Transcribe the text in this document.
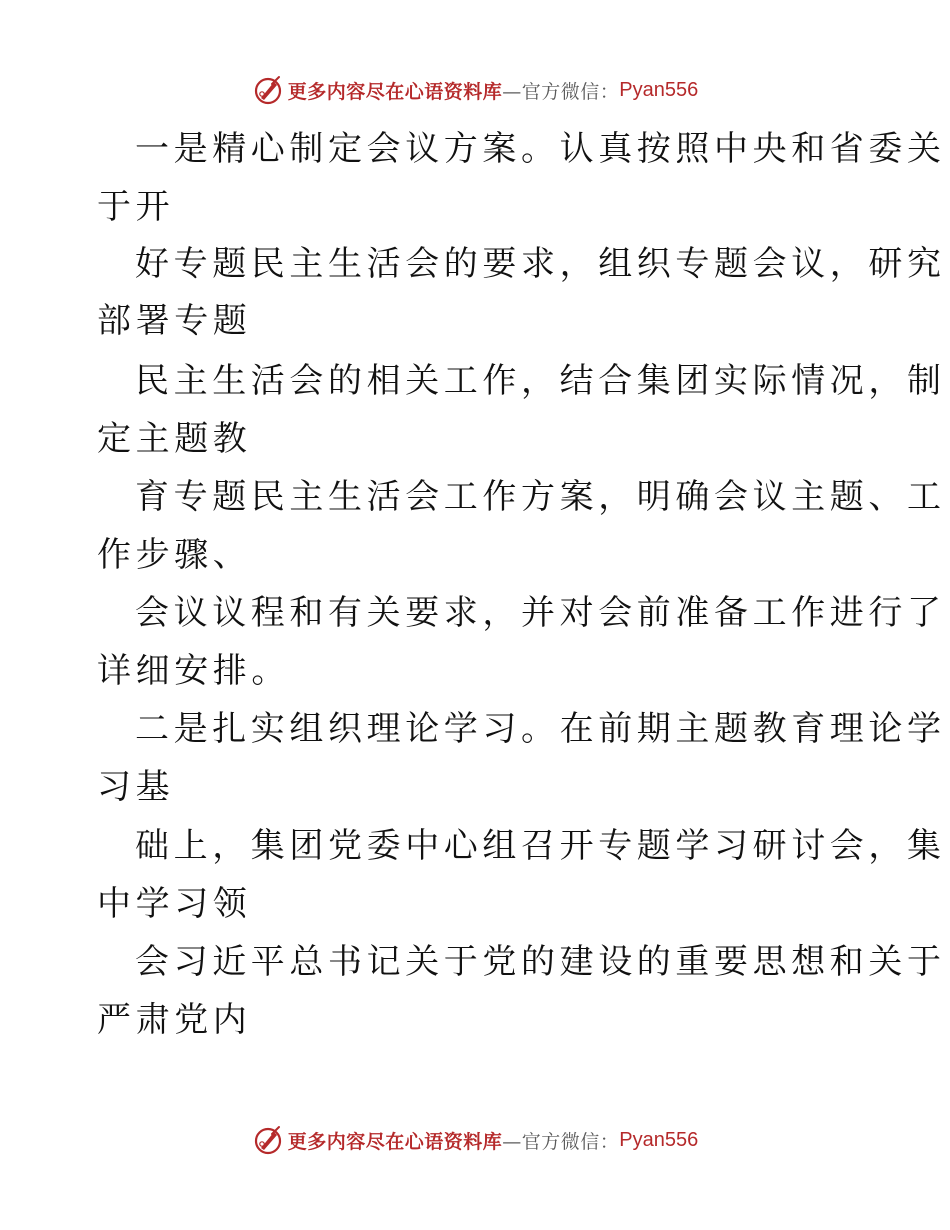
更多内容尽在心语资料库 —官方微信： Pyan556
一是精心制定会议方案。认真按照中央和省委关
于开
好专题民主生活会的要求，组织专题会议，研究
部署专题
民主生活会的相关工作，结合集团实际情况，制
定主题教
育专题民主生活会工作方案，明确会议主题、工
作步骤、
会议议程和有关要求，并对会前准备工作进行了
详细安排。
二是扎实组织理论学习。在前期主题教育理论学
习基
础上，集团党委中心组召开专题学习研讨会，集
中学习领
会习近平总书记关于党的建设的重要思想和关于
严肃党内
更多内容尽在心语资料库 —官方微信： Pyan556
